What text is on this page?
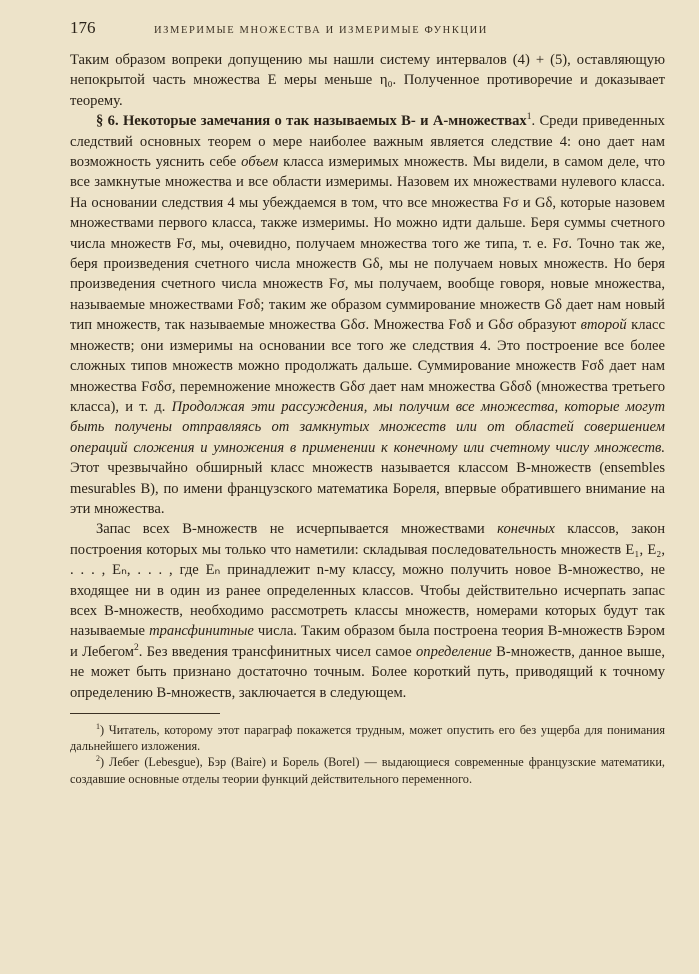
176	ИЗМЕРИМЫЕ МНОЖЕСТВА И ИЗМЕРИМЫЕ ФУНКЦИИ

Таким образом вопреки допущению мы нашли систему интервалов (4) + (5), оставляющую непокрытой часть множества E меры меньше η₀. Полученное противоречие и доказывает теорему.

§ 6. Некоторые замечания о так называемых B- и A-множествах$^1$. Среди приведенных следствий основных теорем о мере наиболее важным является следствие 4: оно дает нам возможность уяснить себе объем класса измеримых множеств. Мы видели, в самом деле, что все замкнутые множества и все области измеримы. Назовем их множествами нулевого класса. На основании следствия 4 мы убеждаемся в том, что все множества Fσ и Gδ, которые назовем множествами первого класса, также измеримы. Но можно идти дальше. Беря суммы счетного числа множеств Fσ, мы, очевидно, получаем множества того же типа, т. е. Fσ. Точно так же, беря произведения счетного числа множеств Gδ, мы не получаем новых множеств. Но беря произведения счетного числа множеств Fσ, мы получаем, вообще говоря, новые множества, называемые множествами Fσδ; таким же образом суммирование множеств Gδ дает нам новый тип множеств, так называемые множества Gδσ. Множества Fσδ и Gδσ образуют второй класс множеств; они измеримы на основании все того же следствия 4. Это построение все более сложных типов множеств можно продолжать дальше. Суммирование множеств Fσδ дает нам множества Fσδσ, перемножение множеств Gδσ дает нам множества Gδσδ (множества третьего класса), и т. д. Продолжая эти рассуждения, мы получим все множества, которые могут быть получены отправляясь от замкнутых множеств или от областей совершением операций сложения и умножения в применении к конечному или счетному числу множеств. Этот чрезвычайно обширный класс множеств называется классом B-множеств (ensembles mesurables B), по имени французского математика Бореля, впервые обратившего внимание на эти множества.

Запас всех B-множеств не исчерпывается множествами конечных классов, закон построения которых мы только что наметили: складывая последовательность множеств E₁, E₂, . . . , Eₙ, . . . , где Eₙ принадлежит n-му классу, можно получить новое B-множество, не входящее ни в один из ранее определенных классов. Чтобы действительно исчерпать запас всех B-множеств, необходимо рассмотреть классы множеств, номерами которых будут так называемые трансфинитные числа. Таким образом была построена теория B-множеств Бэром и Лебегом$^2$. Без введения трансфинитных чисел самое определение B-множеств, данное выше, не может быть признано достаточно точным. Более короткий путь, приводящий к точному определению B-множеств, заключается в следующем.

$^1$) Читатель, которому этот параграф покажется трудным, может опустить его без ущерба для понимания дальнейшего изложения.

$^2$) Лебег (Lebesgue), Бэр (Baire) и Борель (Borel) — выдающиеся современные французские математики, создавшие основные отделы теории функций действительного переменного.
